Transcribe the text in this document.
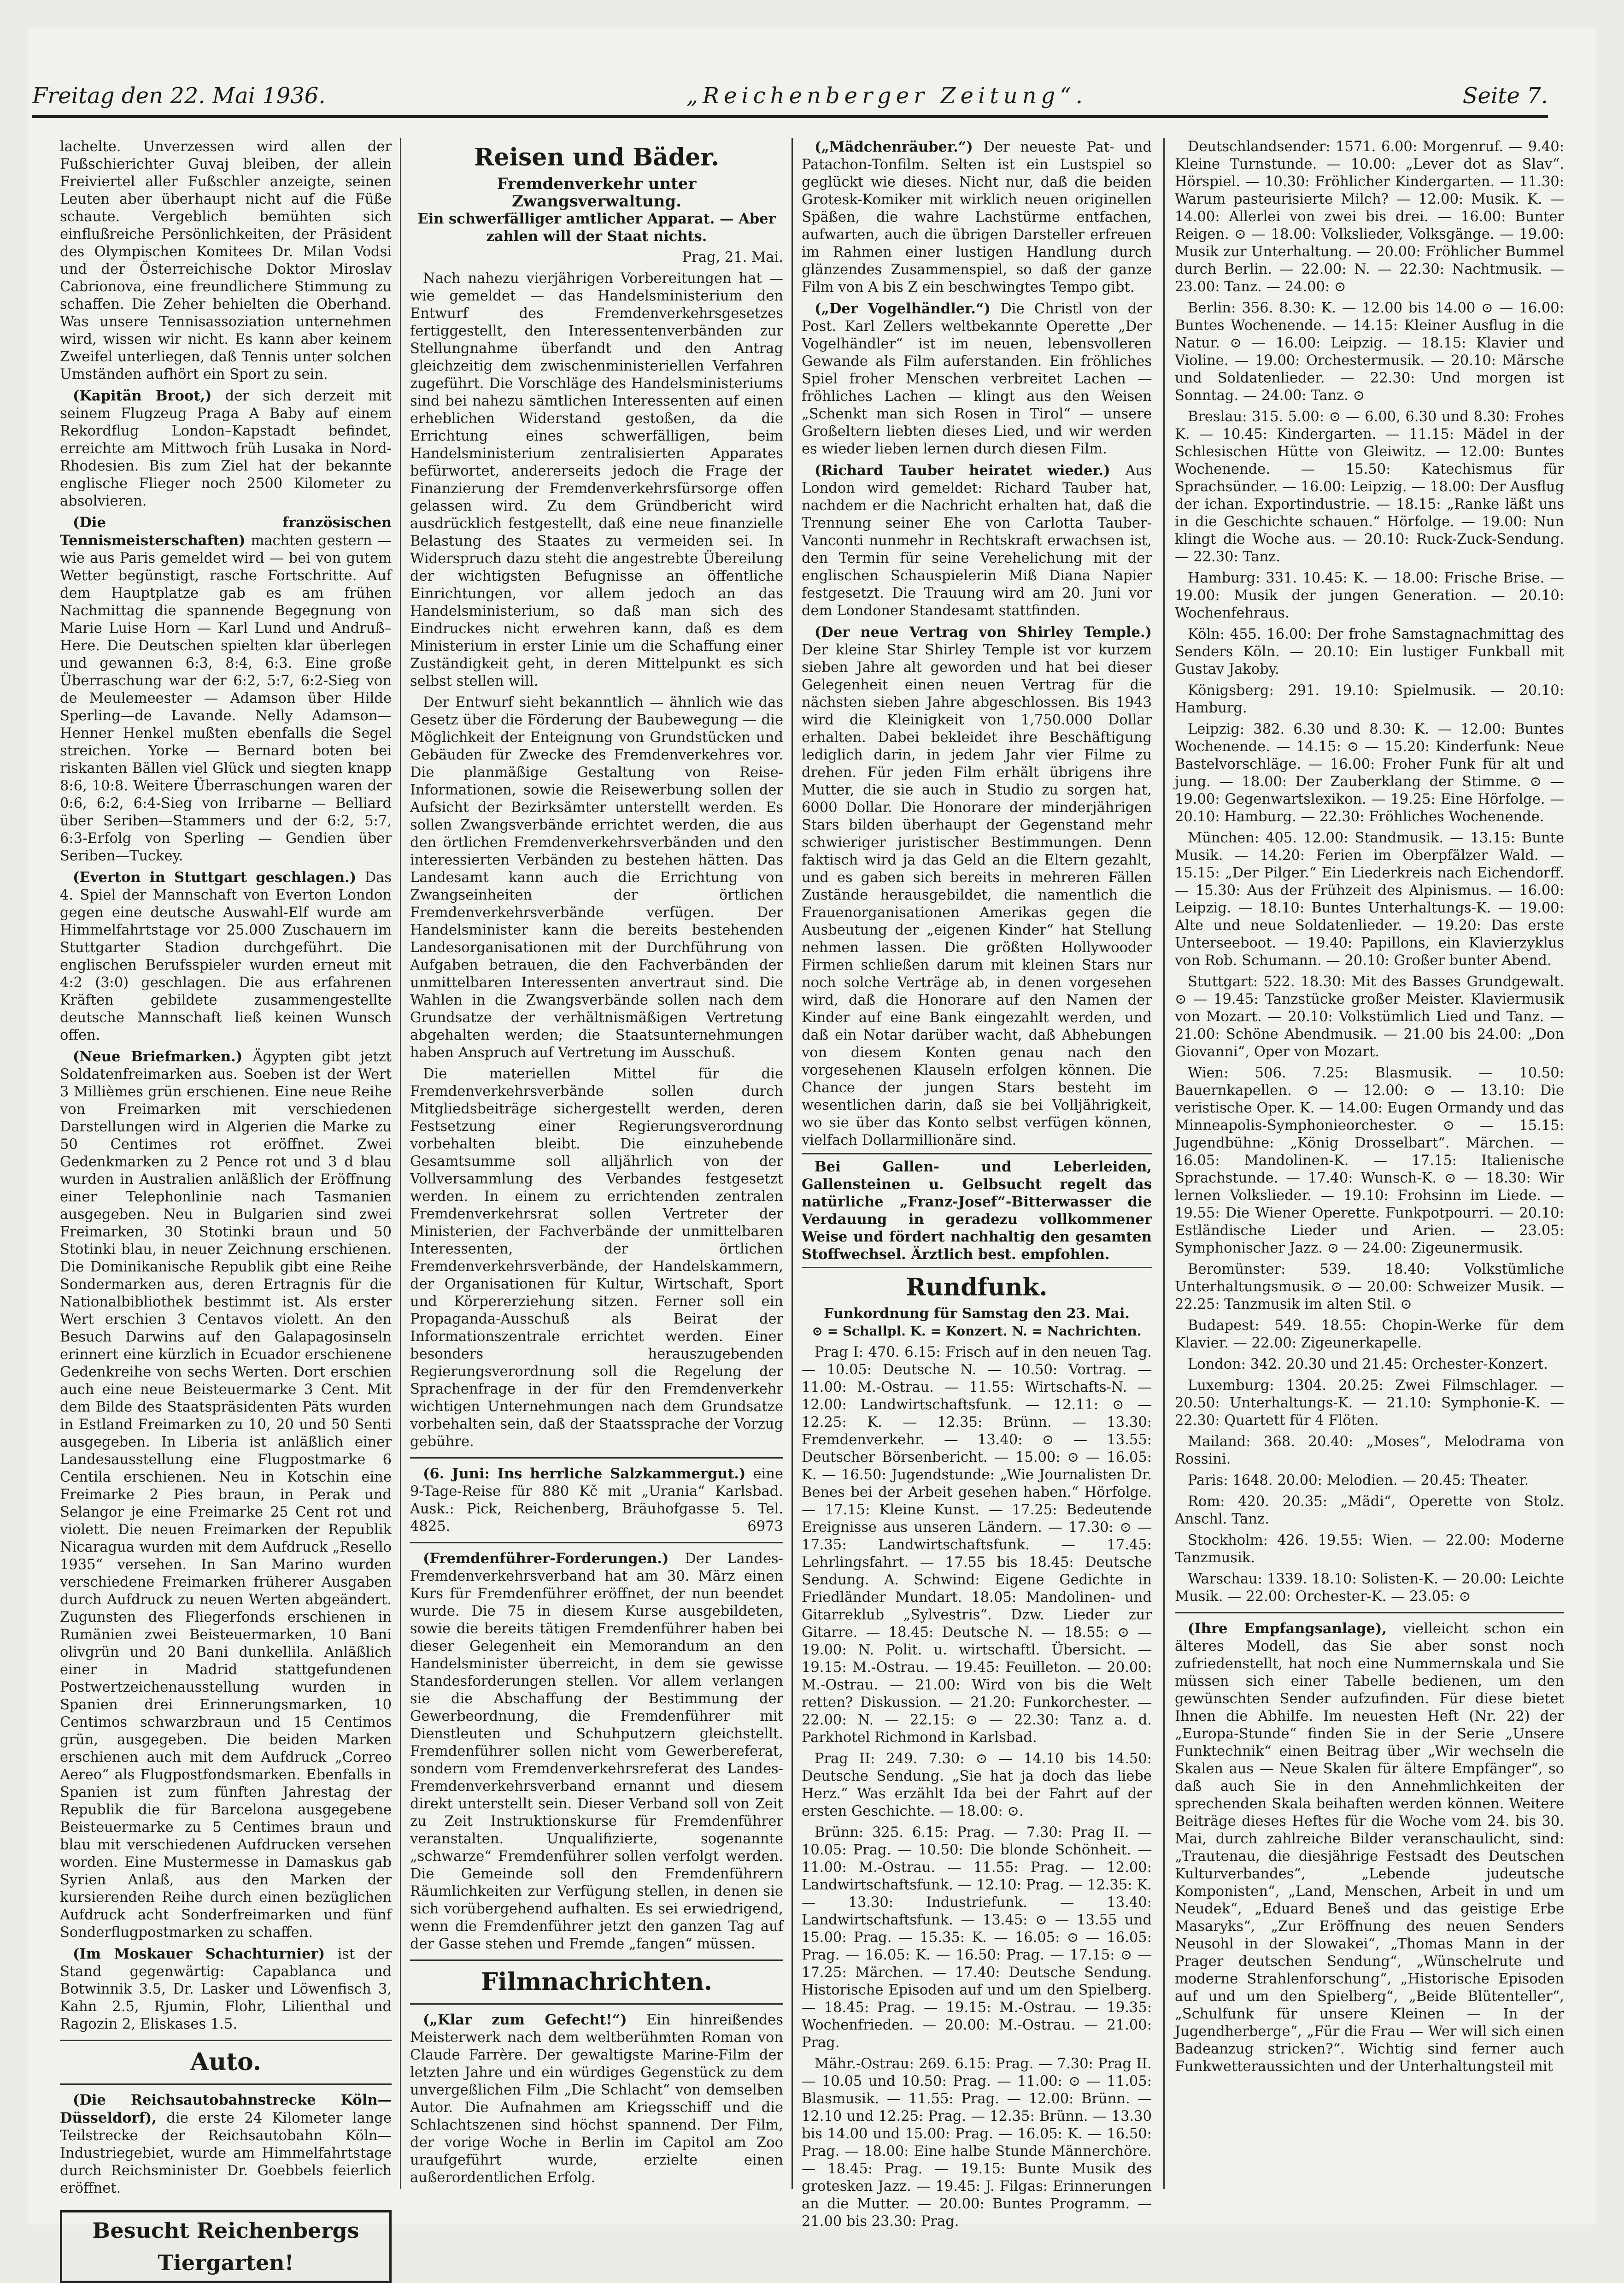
Freitag den 22. Mai 1936.	„Reichenberger Zeitung“.	Seite 7.

lachelte. Unverzessen wird allen der Fußschierichter Guvaj bleiben, der allein Freiviertel aller Fußschler anzeigte, seinen Leuten aber überhaupt nicht auf die Füße schaute. Vergeblich bemühten sich einflußreiche Persönlichkeiten, der Präsident des Olympischen Komitees Dr. Milan Vodsi und der Österreichische Doktor Miroslav Cabrionova, eine freundlichere Stimmung zu schaffen. Die Zeher behielten die Oberhand. Was unsere Tennisassoziation unternehmen wird, wissen wir nicht. Es kann aber keinem Zweifel unterliegen, daß Tennis unter solchen Umständen aufhört ein Sport zu sein.

(Kapitän Broot,) der sich derzeit mit seinem Flugzeug Praga A Baby auf einem Rekordflug London–Kapstadt befindet, erreichte am Mittwoch früh Lusaka in Nord-Rhodesien. Bis zum Ziel hat der bekannte englische Flieger noch 2500 Kilometer zu absolvieren.

(Die französischen Tennismeisterschaften) machten gestern — wie aus Paris gemeldet wird — bei von gutem Wetter begünstigt, rasche Fortschritte. Auf dem Hauptplatze gab es am frühen Nachmittag die spannende Begegnung von Marie Luise Horn — Karl Lund und Andruß–Here. Die Deutschen spielten klar überlegen und gewannen 6:3, 8:4, 6:3. Eine große Überraschung war der 6:2, 5:7, 6:2-Sieg von de Meulemeester — Adamson über Hilde Sperling—de Lavande. Nelly Adamson—Henner Henkel mußten ebenfalls die Segel streichen. Yorke — Bernard boten bei riskanten Bällen viel Glück und siegten knapp 8:6, 10:8. Weitere Überraschungen waren der 0:6, 6:2, 6:4-Sieg von Irribarne — Belliard über Seriben—Stammers und der 6:2, 5:7, 6:3-Erfolg von Sperling — Gendien über Seriben—Tuckey.

(Everton in Stuttgart geschlagen.) Das 4. Spiel der Mannschaft von Everton London gegen eine deutsche Auswahl-Elf wurde am Himmelfahrtstage vor 25.000 Zuschauern im Stuttgarter Stadion durchgeführt. Die englischen Berufsspieler wurden erneut mit 4:2 (3:0) geschlagen. Die aus erfahrenen Kräften gebildete zusammengestellte deutsche Mannschaft ließ keinen Wunsch offen.

(Neue Briefmarken.) Ägypten gibt jetzt Soldatenfreimarken aus. Soeben ist der Wert 3 Millièmes grün erschienen. Eine neue Reihe von Freimarken mit verschiedenen Darstellungen wird in Algerien die Marke zu 50 Centimes rot eröffnet. Zwei Gedenkmarken zu 2 Pence rot und 3 d blau wurden in Australien anläßlich der Eröffnung einer Telephonlinie nach Tasmanien ausgegeben. Neu in Bulgarien sind zwei Freimarken, 30 Stotinki braun und 50 Stotinki blau, in neuer Zeichnung erschienen. Die Dominikanische Republik gibt eine Reihe Sondermarken aus, deren Ertragnis für die Nationalbibliothek bestimmt ist. Als erster Wert erschien 3 Centavos violett. An den Besuch Darwins auf den Galapagosinseln erinnert eine kürzlich in Ecuador erschienene Gedenkreihe von sechs Werten. Dort erschien auch eine neue Beisteuermarke 3 Cent. Mit dem Bilde des Staatspräsidenten Päts wurden in Estland Freimarken zu 10, 20 und 50 Senti ausgegeben. In Liberia ist anläßlich einer Landesausstellung eine Flugpostmarke 6 Centila erschienen. Neu in Kotschin eine Freimarke 2 Pies braun, in Perak und Selangor je eine Freimarke 25 Cent rot und violett. Die neuen Freimarken der Republik Nicaragua wurden mit dem Aufdruck „Resello 1935“ versehen. In San Marino wurden verschiedene Freimarken früherer Ausgaben durch Aufdruck zu neuen Werten abgeändert. Zugunsten des Fliegerfonds erschienen in Rumänien zwei Beisteuermarken, 10 Bani olivgrün und 20 Bani dunkellila. Anläßlich einer in Madrid stattgefundenen Postwertzeichenausstellung wurden in Spanien drei Erinnerungsmarken, 10 Centimos schwarzbraun und 15 Centimos grün, ausgegeben. Die beiden Marken erschienen auch mit dem Aufdruck „Correo Aereo“ als Flugpostfondsmarken. Ebenfalls in Spanien ist zum fünften Jahrestag der Republik die für Barcelona ausgegebene Beisteuermarke zu 5 Centimes braun und blau mit verschiedenen Aufdrucken versehen worden. Eine Mustermesse in Damaskus gab Syrien Anlaß, aus den Marken der kursierenden Reihe durch einen bezüglichen Aufdruck acht Sonderfreimarken und fünf Sonderflugpostmarken zu schaffen.

(Im Moskauer Schachturnier) ist der Stand gegenwärtig: Capablanca und Botwinnik 3.5, Dr. Lasker und Löwenfisch 3, Kahn 2.5, Rjumin, Flohr, Lilienthal und Ragozin 2, Eliskases 1.5.

Auto.

(Die Reichsautobahnstrecke Köln—Düsseldorf), die erste 24 Kilometer lange Teilstrecke der Reichsautobahn Köln—Industriegebiet, wurde am Himmelfahrtstage durch Reichsminister Dr. Goebbels feierlich eröffnet.

Besucht Reichenbergs Tiergarten!
Reisen und Bäder.
Fremdenverkehr unter Zwangsverwaltung.

Ein schwerfälliger amtlicher Apparat. — Aber zahlen will der Staat nichts.

Prag, 21. Mai.

Nach nahezu vierjährigen Vorbereitungen hat — wie gemeldet — das Handelsministerium den Entwurf des Fremdenverkehrsgesetzes fertiggestellt, den Interessentenverbänden zur Stellungnahme überfandt und den Antrag gleichzeitig dem zwischenministeriellen Verfahren zugeführt. Die Vorschläge des Handelsministeriums sind bei nahezu sämtlichen Interessenten auf einen erheblichen Widerstand gestoßen, da die Errichtung eines schwerfälligen, beim Handelsministerium zentralisierten Apparates befürwortet, andererseits jedoch die Frage der Finanzierung der Fremdenverkehrsfürsorge offen gelassen wird. Zu dem Gründbericht wird ausdrücklich festgestellt, daß eine neue finanzielle Belastung des Staates zu vermeiden sei. In Widerspruch dazu steht die angestrebte Übereilung der wichtigsten Befugnisse an öffentliche Einrichtungen, vor allem jedoch an das Handelsministerium, so daß man sich des Eindruckes nicht erwehren kann, daß es dem Ministerium in erster Linie um die Schaffung einer Zuständigkeit geht, in deren Mittelpunkt es sich selbst stellen will.

Der Entwurf sieht bekanntlich — ähnlich wie das Gesetz über die Förderung der Baubewegung — die Möglichkeit der Enteignung von Grundstücken und Gebäuden für Zwecke des Fremdenverkehres vor. Die planmäßige Gestaltung von Reise-Informationen, sowie die Reisewerbung sollen der Aufsicht der Bezirksämter unterstellt werden. Es sollen Zwangsverbände errichtet werden, die aus den örtlichen Fremdenverkehrsverbänden und den interessierten Verbänden zu bestehen hätten. Das Landesamt kann auch die Errichtung von Zwangseinheiten der örtlichen Fremdenverkehrsverbände verfügen. Der Handelsminister kann die bereits bestehenden Landesorganisationen mit der Durchführung von Aufgaben betrauen, die den Fachverbänden der unmittelbaren Interessenten anvertraut sind. Die Wahlen in die Zwangsverbände sollen nach dem Grundsatze der verhältnismäßigen Vertretung abgehalten werden; die Staatsunternehmungen haben Anspruch auf Vertretung im Ausschuß.

Die materiellen Mittel für die Fremdenverkehrsverbände sollen durch Mitgliedsbeiträge sichergestellt werden, deren Festsetzung einer Regierungsverordnung vorbehalten bleibt. Die einzuhebende Gesamtsumme soll alljährlich von der Vollversammlung des Verbandes festgesetzt werden. In einem zu errichtenden zentralen Fremdenverkehrsrat sollen Vertreter der Ministerien, der Fachverbände der unmittelbaren Interessenten, der örtlichen Fremdenverkehrsverbände, der Handelskammern, der Organisationen für Kultur, Wirtschaft, Sport und Körpererziehung sitzen. Ferner soll ein Propaganda-Ausschuß als Beirat der Informationszentrale errichtet werden. Einer besonders herauszugebenden Regierungsverordnung soll die Regelung der Sprachenfrage in der für den Fremdenverkehr wichtigen Unternehmungen nach dem Grundsatze vorbehalten sein, daß der Staatssprache der Vorzug gebühre.

(6. Juni: Ins herrliche Salzkammergut.) eine 9-Tage-Reise für 880 Kč mit „Urania“ Karlsbad. Ausk.: Pick, Reichenberg, Bräuhofgasse 5. Tel. 4825.	6973

(Fremdenführer-Forderungen.) Der Landes-Fremdenverkehrsverband hat am 30. März einen Kurs für Fremdenführer eröffnet, der nun beendet wurde. Die 75 in diesem Kurse ausgebildeten, sowie die bereits tätigen Fremdenführer haben bei dieser Gelegenheit ein Memorandum an den Handelsminister überreicht, in dem sie gewisse Standesforderungen stellen. Vor allem verlangen sie die Abschaffung der Bestimmung der Gewerbeordnung, die Fremdenführer mit Dienstleuten und Schuhputzern gleichstellt. Fremdenführer sollen nicht vom Gewerbereferat, sondern vom Fremdenverkehrsreferat des Landes-Fremdenverkehrsverband ernannt und diesem direkt unterstellt sein. Dieser Verband soll von Zeit zu Zeit Instruktionskurse für Fremdenführer veranstalten. Unqualifizierte, sogenannte „schwarze“ Fremdenführer sollen verfolgt werden. Die Gemeinde soll den Fremdenführern Räumlichkeiten zur Verfügung stellen, in denen sie sich vorübergehend aufhalten. Es sei erwiedrigend, wenn die Fremdenführer jetzt den ganzen Tag auf der Gasse stehen und Fremde „fangen“ müssen.

Filmnachrichten.

(„Klar zum Gefecht!“) Ein hinreißendes Meisterwerk nach dem weltberühmten Roman von Claude Farrère. Der gewaltigste Marine-Film der letzten Jahre und ein würdiges Gegenstück zu dem unvergeßlichen Film „Die Schlacht“ von demselben Autor. Die Aufnahmen am Kriegsschiff und die Schlachtszenen sind höchst spannend. Der Film, der vorige Woche in Berlin im Capitol am Zoo uraufgeführt wurde, erzielte einen außerordentlichen Erfolg.

(„Mädchenräuber.“) Der neueste Pat- und Patachon-Tonfilm. Selten ist ein Lustspiel so geglückt wie dieses. Nicht nur, daß die beiden Grotesk-Komiker mit wirklich neuen originellen Späßen, die wahre Lachstürme entfachen, aufwarten, auch die übrigen Darsteller erfreuen im Rahmen einer lustigen Handlung durch glänzendes Zusammenspiel, so daß der ganze Film von A bis Z ein beschwingtes Tempo gibt.

(„Der Vogelhändler.“) Die Christl von der Post. Karl Zellers weltbekannte Operette „Der Vogelhändler“ ist im neuen, lebensvolleren Gewande als Film auferstanden. Ein fröhliches Spiel froher Menschen verbreitet Lachen — fröhliches Lachen — klingt aus den Weisen „Schenkt man sich Rosen in Tirol“ — unsere Großeltern liebten dieses Lied, und wir werden es wieder lieben lernen durch diesen Film.

(Richard Tauber heiratet wieder.) Aus London wird gemeldet: Richard Tauber hat, nachdem er die Nachricht erhalten hat, daß die Trennung seiner Ehe von Carlotta Tauber-Vanconti nunmehr in Rechtskraft erwachsen ist, den Termin für seine Verehelichung mit der englischen Schauspielerin Miß Diana Napier festgesetzt. Die Trauung wird am 20. Juni vor dem Londoner Standesamt stattfinden.

(Der neue Vertrag von Shirley Temple.) Der kleine Star Shirley Temple ist vor kurzem sieben Jahre alt geworden und hat bei dieser Gelegenheit einen neuen Vertrag für die nächsten sieben Jahre abgeschlossen. Bis 1943 wird die Kleinigkeit von 1,750.000 Dollar erhalten. Dabei bekleidet ihre Beschäftigung lediglich darin, in jedem Jahr vier Filme zu drehen. Für jeden Film erhält übrigens ihre Mutter, die sie auch in Studio zu sorgen hat, 6000 Dollar. Die Honorare der minderjährigen Stars bilden überhaupt der Gegenstand mehr schwieriger juristischer Bestimmungen. Denn faktisch wird ja das Geld an die Eltern gezahlt, und es gaben sich bereits in mehreren Fällen Zustände herausgebildet, die namentlich die Frauenorganisationen Amerikas gegen die Ausbeutung der „eigenen Kinder“ hat Stellung nehmen lassen. Die größten Hollywooder Firmen schließen darum mit kleinen Stars nur noch solche Verträge ab, in denen vorgesehen wird, daß die Honorare auf den Namen der Kinder auf eine Bank eingezahlt werden, und daß ein Notar darüber wacht, daß Abhebungen von diesem Konten genau nach den vorgesehenen Klauseln erfolgen können. Die Chance der jungen Stars besteht im wesentlichen darin, daß sie bei Volljährigkeit, wo sie über das Konto selbst verfügen können, vielfach Dollarmillionäre sind.

Bei Gallen- und Leberleiden, Gallensteinen u. Gelbsucht regelt das natürliche „Franz-Josef“-Bitterwasser die Verdauung in geradezu vollkommener Weise und fördert nachhaltig den gesamten Stoffwechsel. Ärztlich best. empfohlen.

Rundfunk.
Funkordnung für Samstag den 23. Mai.

⊙ = Schallpl. K. = Konzert. N. = Nachrichten.

Prag I: 470. 6.15: Frisch auf in den neuen Tag. — 10.05: Deutsche N. — 10.50: Vortrag. — 11.00: M.-Ostrau. — 11.55: Wirtschafts-N. — 12.00: Landwirtschaftsfunk. — 12.11: ⊙ — 12.25: K. — 12.35: Brünn. — 13.30: Fremdenverkehr. — 13.40: ⊙ — 13.55: Deutscher Börsenbericht. — 15.00: ⊙ — 16.05: K. — 16.50: Jugendstunde: „Wie Journalisten Dr. Benes bei der Arbeit gesehen haben.“ Hörfolge. — 17.15: Kleine Kunst. — 17.25: Bedeutende Ereignisse aus unseren Ländern. — 17.30: ⊙ — 17.35: Landwirtschaftsfunk. — 17.45: Lehrlingsfahrt. — 17.55 bis 18.45: Deutsche Sendung. A. Schwind: Eigene Gedichte in Friedländer Mundart. 18.05: Mandolinen- und Gitarreklub „Sylvestris“. Dzw. Lieder zur Gitarre. — 18.45: Deutsche N. — 18.55: ⊙ — 19.00: N. Polit. u. wirtschaftl. Übersicht. — 19.15: M.-Ostrau. — 19.45: Feuilleton. — 20.00: M.-Ostrau. — 21.00: Wird von bis die Welt retten? Diskussion. — 21.20: Funkorchester. — 22.00: N. — 22.15: ⊙ — 22.30: Tanz a. d. Parkhotel Richmond in Karlsbad.

Prag II: 249. 7.30: ⊙ — 14.10 bis 14.50: Deutsche Sendung. „Sie hat ja doch das liebe Herz.“ Was erzählt Ida bei der Fahrt auf der ersten Geschichte. — 18.00: ⊙.

Brünn: 325. 6.15: Prag. — 7.30: Prag II. — 10.05: Prag. — 10.50: Die blonde Schönheit. — 11.00: M.-Ostrau. — 11.55: Prag. — 12.00: Landwirtschaftsfunk. — 12.10: Prag. — 12.35: K. — 13.30: Industriefunk. — 13.40: Landwirtschaftsfunk. — 13.45: ⊙ — 13.55 und 15.00: Prag. — 15.35: K. — 16.05: ⊙ — 16.05: Prag. — 16.05: K. — 16.50: Prag. — 17.15: ⊙ — 17.25: Märchen. — 17.40: Deutsche Sendung. Historische Episoden auf und um den Spielberg. — 18.45: Prag. — 19.15: M.-Ostrau. — 19.35: Wochenfrieden. — 20.00: M.-Ostrau. — 21.00: Prag.

Mähr.-Ostrau: 269. 6.15: Prag. — 7.30: Prag II. — 10.05 und 10.50: Prag. — 11.00: ⊙ — 11.05: Blasmusik. — 11.55: Prag. — 12.00: Brünn. — 12.10 und 12.25: Prag. — 12.35: Brünn. — 13.30 bis 14.00 und 15.00: Prag. — 16.05: K. — 16.50: Prag. — 18.00: Eine halbe Stunde Männerchöre. — 18.45: Prag. — 19.15: Bunte Musik des grotesken Jazz. — 19.45: J. Filgas: Erinnerungen an die Mutter. — 20.00: Buntes Programm. — 21.00 bis 23.30: Prag.

Deutschlandsender: 1571. 6.00: Morgenruf. — 9.40: Kleine Turnstunde. — 10.00: „Lever dot as Slav“. Hörspiel. — 10.30: Fröhlicher Kindergarten. — 11.30: Warum pasteurisierte Milch? — 12.00: Musik. K. — 14.00: Allerlei von zwei bis drei. — 16.00: Bunter Reigen. ⊙ — 18.00: Volkslieder, Volksgänge. — 19.00: Musik zur Unterhaltung. — 20.00: Fröhlicher Bummel durch Berlin. — 22.00: N. — 22.30: Nachtmusik. — 23.00: Tanz. — 24.00: ⊙

Berlin: 356. 8.30: K. — 12.00 bis 14.00 ⊙ — 16.00: Buntes Wochenende. — 14.15: Kleiner Ausflug in die Natur. ⊙ — 16.00: Leipzig. — 18.15: Klavier und Violine. — 19.00: Orchestermusik. — 20.10: Märsche und Soldatenlieder. — 22.30: Und morgen ist Sonntag. — 24.00: Tanz. ⊙

Breslau: 315. 5.00: ⊙ — 6.00, 6.30 und 8.30: Frohes K. — 10.45: Kindergarten. — 11.15: Mädel in der Schlesischen Hütte von Gleiwitz. — 12.00: Buntes Wochenende. — 15.50: Katechismus für Sprachsünder. — 16.00: Leipzig. — 18.00: Der Ausflug der ichan. Exportindustrie. — 18.15: „Ranke läßt uns in die Geschichte schauen.“ Hörfolge. — 19.00: Nun klingt die Woche aus. — 20.10: Ruck-Zuck-Sendung. — 22.30: Tanz.

Hamburg: 331. 10.45: K. — 18.00: Frische Brise. — 19.00: Musik der jungen Generation. — 20.10: Wochenfehraus.

Köln: 455. 16.00: Der frohe Samstagnachmittag des Senders Köln. — 20.10: Ein lustiger Funkball mit Gustav Jakoby.

Königsberg: 291. 19.10: Spielmusik. — 20.10: Hamburg.

Leipzig: 382. 6.30 und 8.30: K. — 12.00: Buntes Wochenende. — 14.15: ⊙ — 15.20: Kinderfunk: Neue Bastelvorschläge. — 16.00: Froher Funk für alt und jung. — 18.00: Der Zauberklang der Stimme. ⊙ — 19.00: Gegenwartslexikon. — 19.25: Eine Hörfolge. — 20.10: Hamburg. — 22.30: Fröhliches Wochenende.

München: 405. 12.00: Standmusik. — 13.15: Bunte Musik. — 14.20: Ferien im Oberpfälzer Wald. — 15.15: „Der Pilger.“ Ein Liederkreis nach Eichendorff. — 15.30: Aus der Frühzeit des Alpinismus. — 16.00: Leipzig. — 18.10: Buntes Unterhaltungs-K. — 19.00: Alte und neue Soldatenlieder. — 19.20: Das erste Unterseeboot. — 19.40: Papillons, ein Klavierzyklus von Rob. Schumann. — 20.10: Großer bunter Abend.

Stuttgart: 522. 18.30: Mit des Basses Grundgewalt. ⊙ — 19.45: Tanzstücke großer Meister. Klaviermusik von Mozart. — 20.10: Volkstümlich Lied und Tanz. — 21.00: Schöne Abendmusik. — 21.00 bis 24.00: „Don Giovanni“, Oper von Mozart.

Wien: 506. 7.25: Blasmusik. — 10.50: Bauernkapellen. ⊙ — 12.00: ⊙ — 13.10: Die veristische Oper. K. — 14.00: Eugen Ormandy und das Minneapolis-Symphonieorchester. ⊙ — 15.15: Jugendbühne: „König Drosselbart“. Märchen. — 16.05: Mandolinen-K. — 17.15: Italienische Sprachstunde. — 17.40: Wunsch-K. ⊙ — 18.30: Wir lernen Volkslieder. — 19.10: Frohsinn im Liede. — 19.55: Die Wiener Operette. Funkpotpourri. — 20.10: Estländische Lieder und Arien. — 23.05: Symphonischer Jazz. ⊙ — 24.00: Zigeunermusik.

Beromünster: 539. 18.40: Volkstümliche Unterhaltungsmusik. ⊙ — 20.00: Schweizer Musik. — 22.25: Tanzmusik im alten Stil. ⊙

Budapest: 549. 18.55: Chopin-Werke für dem Klavier. — 22.00: Zigeunerkapelle.

London: 342. 20.30 und 21.45: Orchester-Konzert.

Luxemburg: 1304. 20.25: Zwei Filmschlager. — 20.50: Unterhaltungs-K. — 21.10: Symphonie-K. — 22.30: Quartett für 4 Flöten.

Mailand: 368. 20.40: „Moses“, Melodrama von Rossini.

Paris: 1648. 20.00: Melodien. — 20.45: Theater.

Rom: 420. 20.35: „Mädi“, Operette von Stolz. Anschl. Tanz.

Stockholm: 426. 19.55: Wien. — 22.00: Moderne Tanzmusik.

Warschau: 1339. 18.10: Solisten-K. — 20.00: Leichte Musik. — 22.00: Orchester-K. — 23.05: ⊙

(Ihre Empfangsanlage), vielleicht schon ein älteres Modell, das Sie aber sonst noch zufriedenstellt, hat noch eine Nummernskala und Sie müssen sich einer Tabelle bedienen, um den gewünschten Sender aufzufinden. Für diese bietet Ihnen die Abhilfe. Im neuesten Heft (Nr. 22) der „Europa-Stunde“ finden Sie in der Serie „Unsere Funktechnik“ einen Beitrag über „Wir wechseln die Skalen aus — Neue Skalen für ältere Empfänger“, so daß auch Sie in den Annehmlichkeiten der sprechenden Skala beihaften werden können. Weitere Beiträge dieses Heftes für die Woche vom 24. bis 30. Mai, durch zahlreiche Bilder veranschaulicht, sind: „Trautenau, die diesjährige Festsadt des Deutschen Kulturverbandes“, „Lebende judeutsche Komponisten“, „Land, Menschen, Arbeit in und um Neudek“, „Eduard Beneš und das geistige Erbe Masaryks“, „Zur Eröffnung des neuen Senders Neusohl in der Slowakei“, „Thomas Mann in der Prager deutschen Sendung“, „Wünschelrute und moderne Strahlenforschung“, „Historische Episoden auf und um den Spielberg“, „Beide Blütenteller“, „Schulfunk für unsere Kleinen — In der Jugendherberge“, „Für die Frau — Wer will sich einen Badeanzug stricken?“. Wichtig sind ferner auch Funkwetteraussichten und der Unterhaltungsteil mit
